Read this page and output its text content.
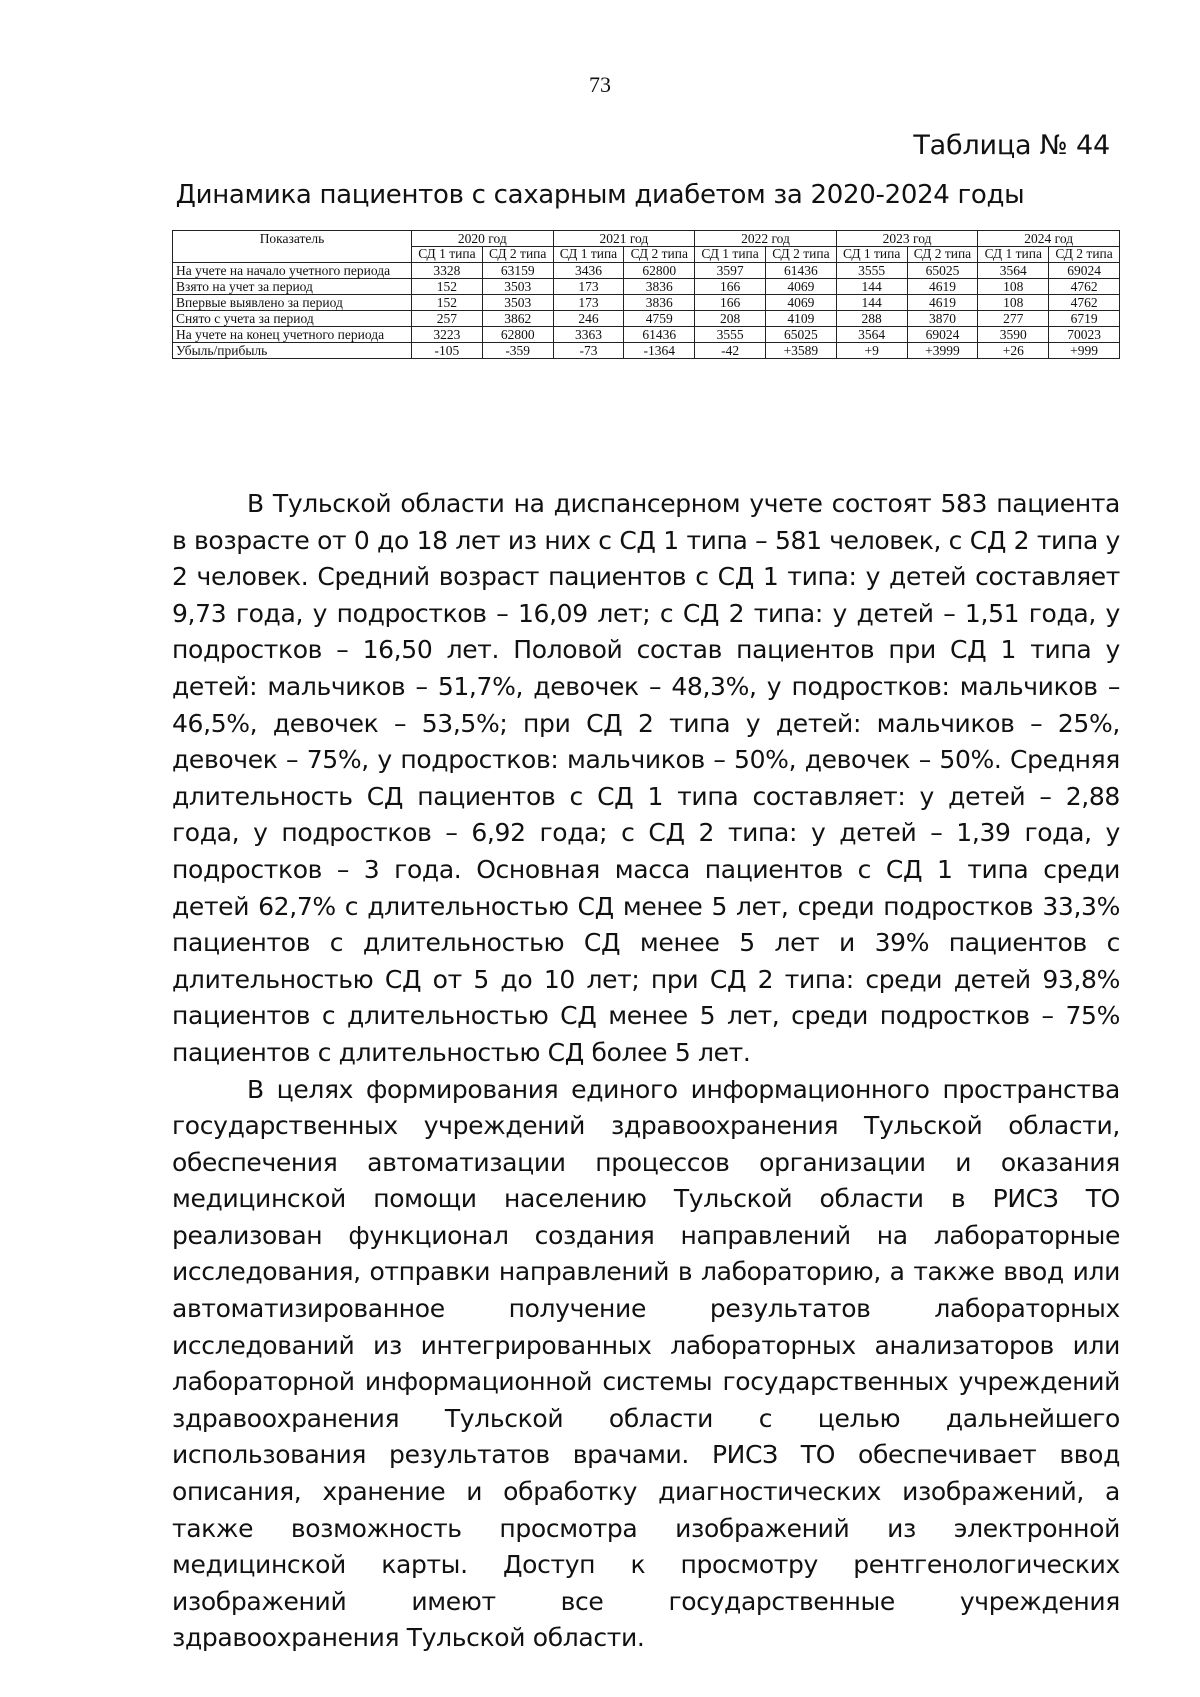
73
Таблица № 44
Динамика пациентов с сахарным диабетом за 2020-2024 годы
Показатель	2020 год		2021 год		2022 год		2023 год		2024 год	
	СД 1 типа	СД 2 типа	СД 1 типа	СД 2 типа	СД 1 типа	СД 2 типа	СД 1 типа	СД 2 типа	СД 1 типа	СД 2 типа
На учете на начало учетного периода	3328	63159	3436	62800	3597	61436	3555	65025	3564	69024
Взято на учет за период	152	3503	173	3836	166	4069	144	4619	108	4762
Впервые выявлено за период	152	3503	173	3836	166	4069	144	4619	108	4762
Снято с учета за период	257	3862	246	4759	208	4109	288	3870	277	6719
На учете на конец учетного периода	3223	62800	3363	61436	3555	65025	3564	69024	3590	70023
Убыль/прибыль	-105	-359	-73	-1364	-42	+3589	+9	+3999	+26	+999

В Тульской области на диспансерном учете состоят 583 пациента в возрасте от 0 до 18 лет из них с СД 1 типа – 581 человек, с СД 2 типа у 2 человек. Средний возраст пациентов с СД 1 типа: у детей составляет 9,73 года, у подростков – 16,09 лет; с СД 2 типа: у детей – 1,51 года, у подростков – 16,50 лет. Половой состав пациентов при СД 1 типа у детей: мальчиков – 51,7%, девочек – 48,3%, у подростков: мальчиков – 46,5%, девочек – 53,5%; при СД 2 типа у детей: мальчиков – 25%, девочек – 75%, у подростков: мальчиков – 50%, девочек – 50%. Средняя длительность СД пациентов с СД 1 типа составляет: у детей – 2,88 года, у подростков – 6,92 года; с СД 2 типа: у детей – 1,39 года, у подростков – 3 года. Основная масса пациентов с СД 1 типа среди детей 62,7% с длительностью СД менее 5 лет, среди подростков 33,3% пациентов с длительностью СД менее 5 лет и 39% пациентов с длительностью СД от 5 до 10 лет; при СД 2 типа: среди детей 93,8% пациентов с длительностью СД менее 5 лет, среди подростков – 75% пациентов с длительностью СД более 5 лет.

В целях формирования единого информационного пространства государственных учреждений здравоохранения Тульской области, обеспечения автоматизации процессов организации и оказания медицинской помощи населению Тульской области в РИСЗ ТО реализован функционал создания направлений на лабораторные исследования, отправки направлений в лабораторию, а также ввод или автоматизированное получение результатов лабораторных исследований из интегрированных лабораторных анализаторов или лабораторной информационной системы государственных учреждений здравоохранения Тульской области с целью дальнейшего использования результатов врачами. РИСЗ ТО обеспечивает ввод описания, хранение и обработку диагностических изображений, а также возможность просмотра изображений из электронной медицинской карты. Доступ к просмотру рентгенологических изображений имеют все государственные учреждения здравоохранения Тульской области.
